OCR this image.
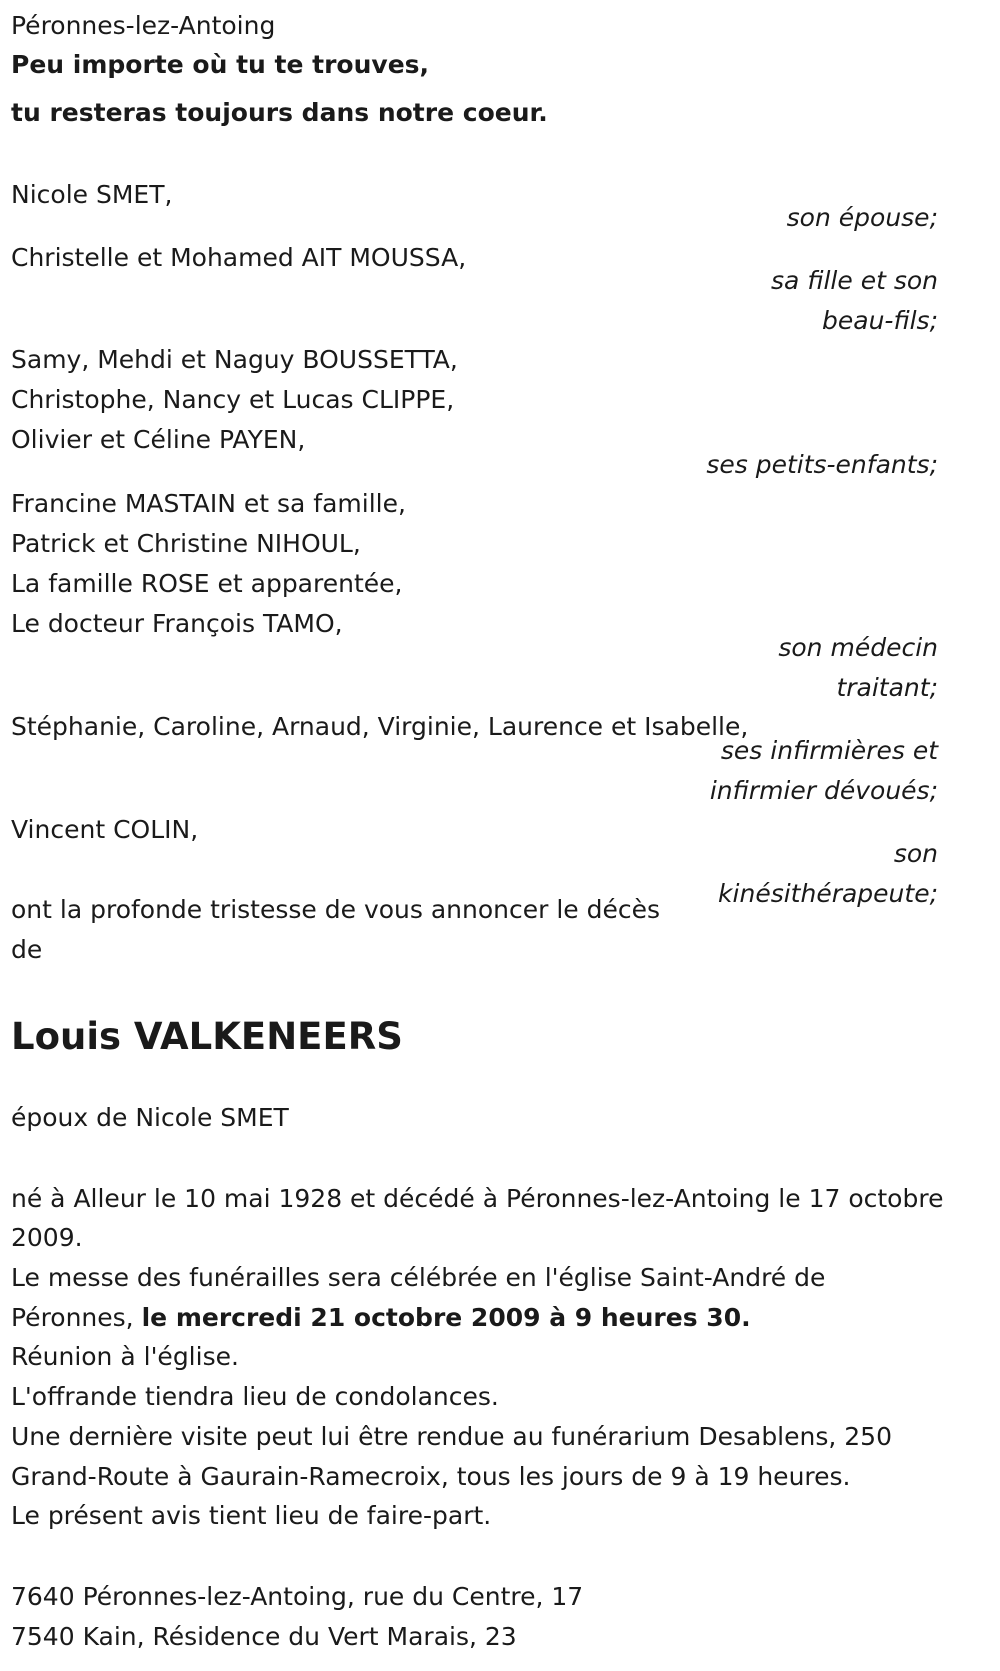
Péronnes-lez-Antoing
Peu importe où tu te trouves,
tu resteras toujours dans notre coeur.
Nicole SMET,
son épouse;
Christelle et Mohamed AIT MOUSSA,
sa fille et son
beau-fils;
Samy, Mehdi et Naguy BOUSSETTA,
Christophe, Nancy et Lucas CLIPPE,
Olivier et Céline PAYEN,
ses petits-enfants;
Francine MASTAIN et sa famille,
Patrick et Christine NIHOUL,
La famille ROSE et apparentée,
Le docteur François TAMO,
son médecin
traitant;
Stéphanie, Caroline, Arnaud, Virginie, Laurence et Isabelle,
ses infirmières et
infirmier dévoués;
Vincent COLIN,
son
kinésithérapeute;
ont la profonde tristesse de vous annoncer le décès
de
Louis VALKENEERS
époux de Nicole SMET
né à Alleur le 10 mai 1928 et décédé à Péronnes-lez-Antoing le 17 octobre
2009.
Le messe des funérailles sera célébrée en l'église Saint-André de
Péronnes, le mercredi 21 octobre 2009 à 9 heures 30.
Réunion à l'église.
L'offrande tiendra lieu de condolances.
Une dernière visite peut lui être rendue au funérarium Desablens, 250
Grand-Route à Gaurain-Ramecroix, tous les jours de 9 à 19 heures.
Le présent avis tient lieu de faire-part.
7640 Péronnes-lez-Antoing, rue du Centre, 17
7540 Kain, Résidence du Vert Marais, 23
